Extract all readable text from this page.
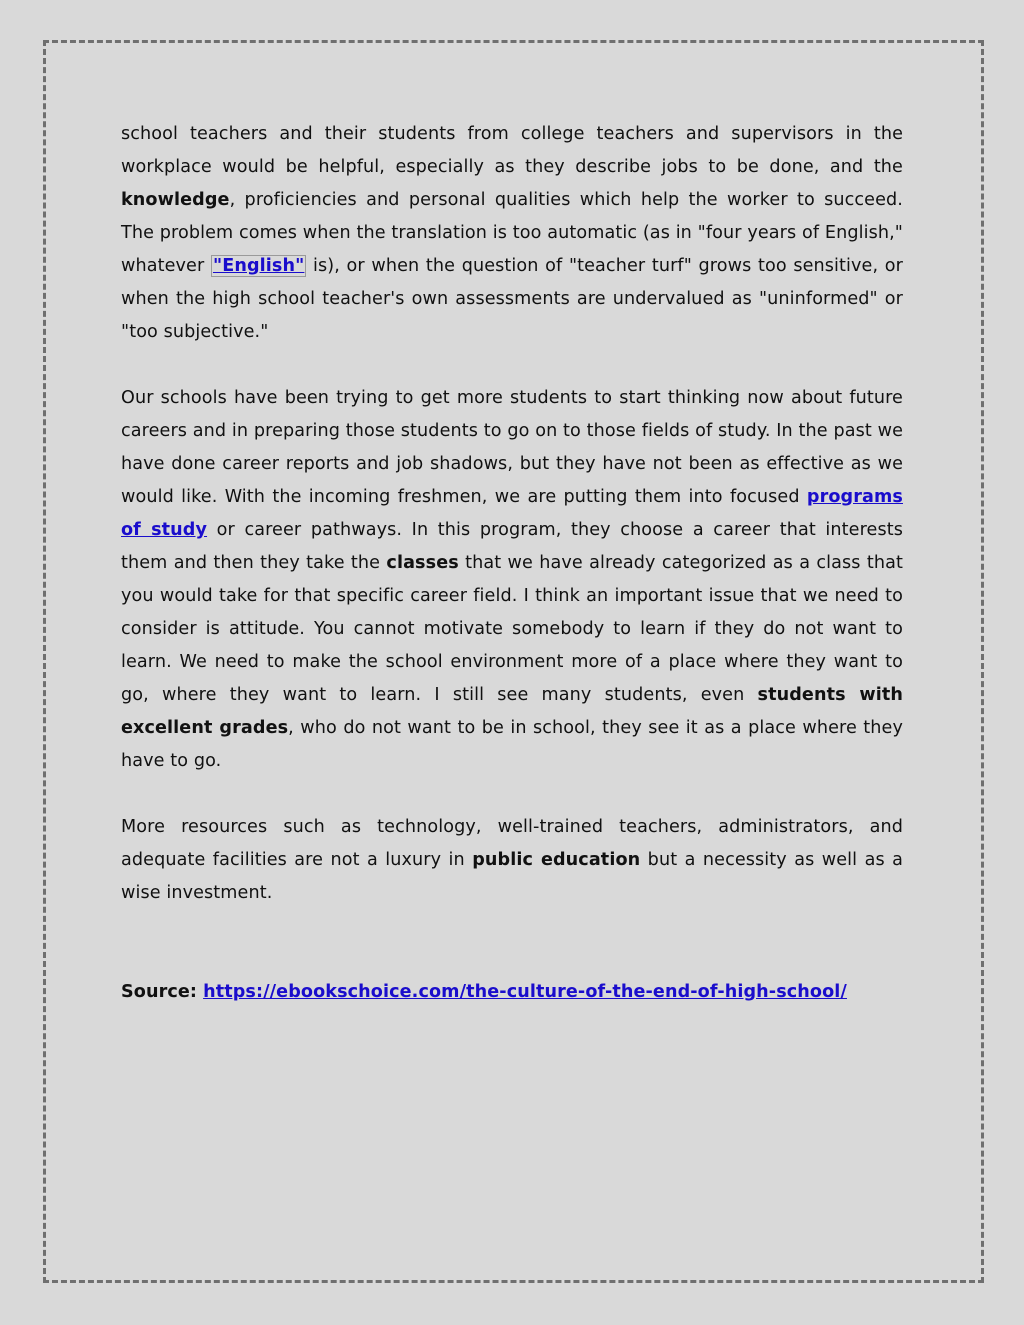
school teachers and their students from college teachers and supervisors in the workplace would be helpful, especially as they describe jobs to be done, and the knowledge, proficiencies and personal qualities which help the worker to succeed. The problem comes when the translation is too automatic (as in "four years of English," whatever "English" is), or when the question of "teacher turf" grows too sensitive, or when the high school teacher's own assessments are undervalued as "uninformed" or "too subjective."

Our schools have been trying to get more students to start thinking now about future careers and in preparing those students to go on to those fields of study. In the past we have done career reports and job shadows, but they have not been as effective as we would like. With the incoming freshmen, we are putting them into focused programs of study or career pathways. In this program, they choose a career that interests them and then they take the classes that we have already categorized as a class that you would take for that specific career field. I think an important issue that we need to consider is attitude. You cannot motivate somebody to learn if they do not want to learn. We need to make the school environment more of a place where they want to go, where they want to learn. I still see many students, even students with excellent grades, who do not want to be in school, they see it as a place where they have to go.

More resources such as technology, well-trained teachers, administrators, and adequate facilities are not a luxury in public education but a necessity as well as a wise investment.

Source: https://ebookschoice.com/the-culture-of-the-end-of-high-school/
